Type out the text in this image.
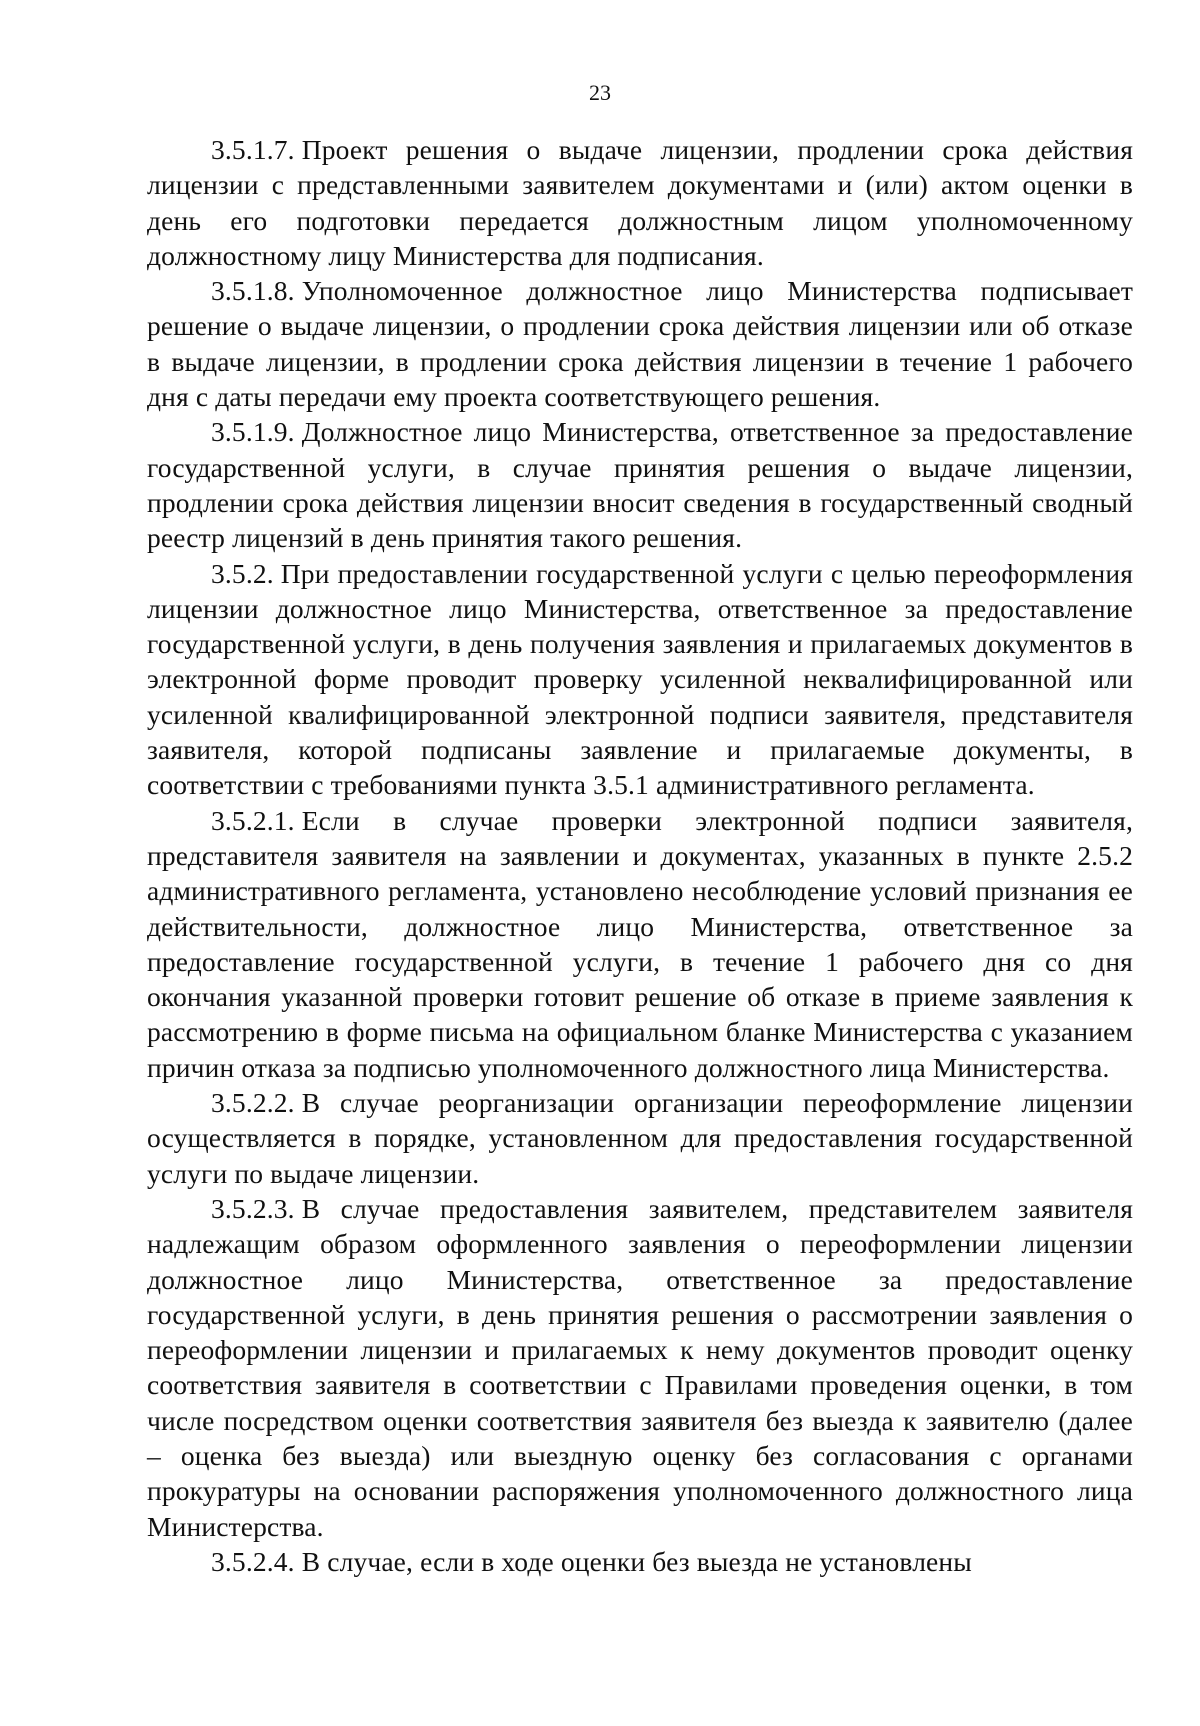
23

3.5.1.7. Проект решения о выдаче лицензии, продлении срока действия лицензии с представленными заявителем документами и (или) актом оценки в день его подготовки передается должностным лицом уполномоченному должностному лицу Министерства для подписания.

3.5.1.8. Уполномоченное должностное лицо Министерства подписывает решение о выдаче лицензии, о продлении срока действия лицензии или об отказе в выдаче лицензии, в продлении срока действия лицензии в течение 1 рабочего дня с даты передачи ему проекта соответствующего решения.

3.5.1.9. Должностное лицо Министерства, ответственное за предоставление государственной услуги, в случае принятия решения о выдаче лицензии, продлении срока действия лицензии вносит сведения в государственный сводный реестр лицензий в день принятия такого решения.

3.5.2. При предоставлении государственной услуги с целью переоформления лицензии должностное лицо Министерства, ответственное за предоставление государственной услуги, в день получения заявления и прилагаемых документов в электронной форме проводит проверку усиленной неквалифицированной или усиленной квалифицированной электронной подписи заявителя, представителя заявителя, которой подписаны заявление и прилагаемые документы, в соответствии с требованиями пункта 3.5.1 административного регламента.

3.5.2.1. Если в случае проверки электронной подписи заявителя, представителя заявителя на заявлении и документах, указанных в пункте 2.5.2 административного регламента, установлено несоблюдение условий признания ее действительности, должностное лицо Министерства, ответственное за предоставление государственной услуги, в течение 1 рабочего дня со дня окончания указанной проверки готовит решение об отказе в приеме заявления к рассмотрению в форме письма на официальном бланке Министерства с указанием причин отказа за подписью уполномоченного должностного лица Министерства.

3.5.2.2. В случае реорганизации организации переоформление лицензии осуществляется в порядке, установленном для предоставления государственной услуги по выдаче лицензии.

3.5.2.3. В случае предоставления заявителем, представителем заявителя надлежащим образом оформленного заявления о переоформлении лицензии должностное лицо Министерства, ответственное за предоставление государственной услуги, в день принятия решения о рассмотрении заявления о переоформлении лицензии и прилагаемых к нему документов проводит оценку соответствия заявителя в соответствии с Правилами проведения оценки, в том числе посредством оценки соответствия заявителя без выезда к заявителю (далее – оценка без выезда) или выездную оценку без согласования с органами прокуратуры на основании распоряжения уполномоченного должностного лица Министерства.

3.5.2.4. В случае, если в ходе оценки без выезда не установлены
